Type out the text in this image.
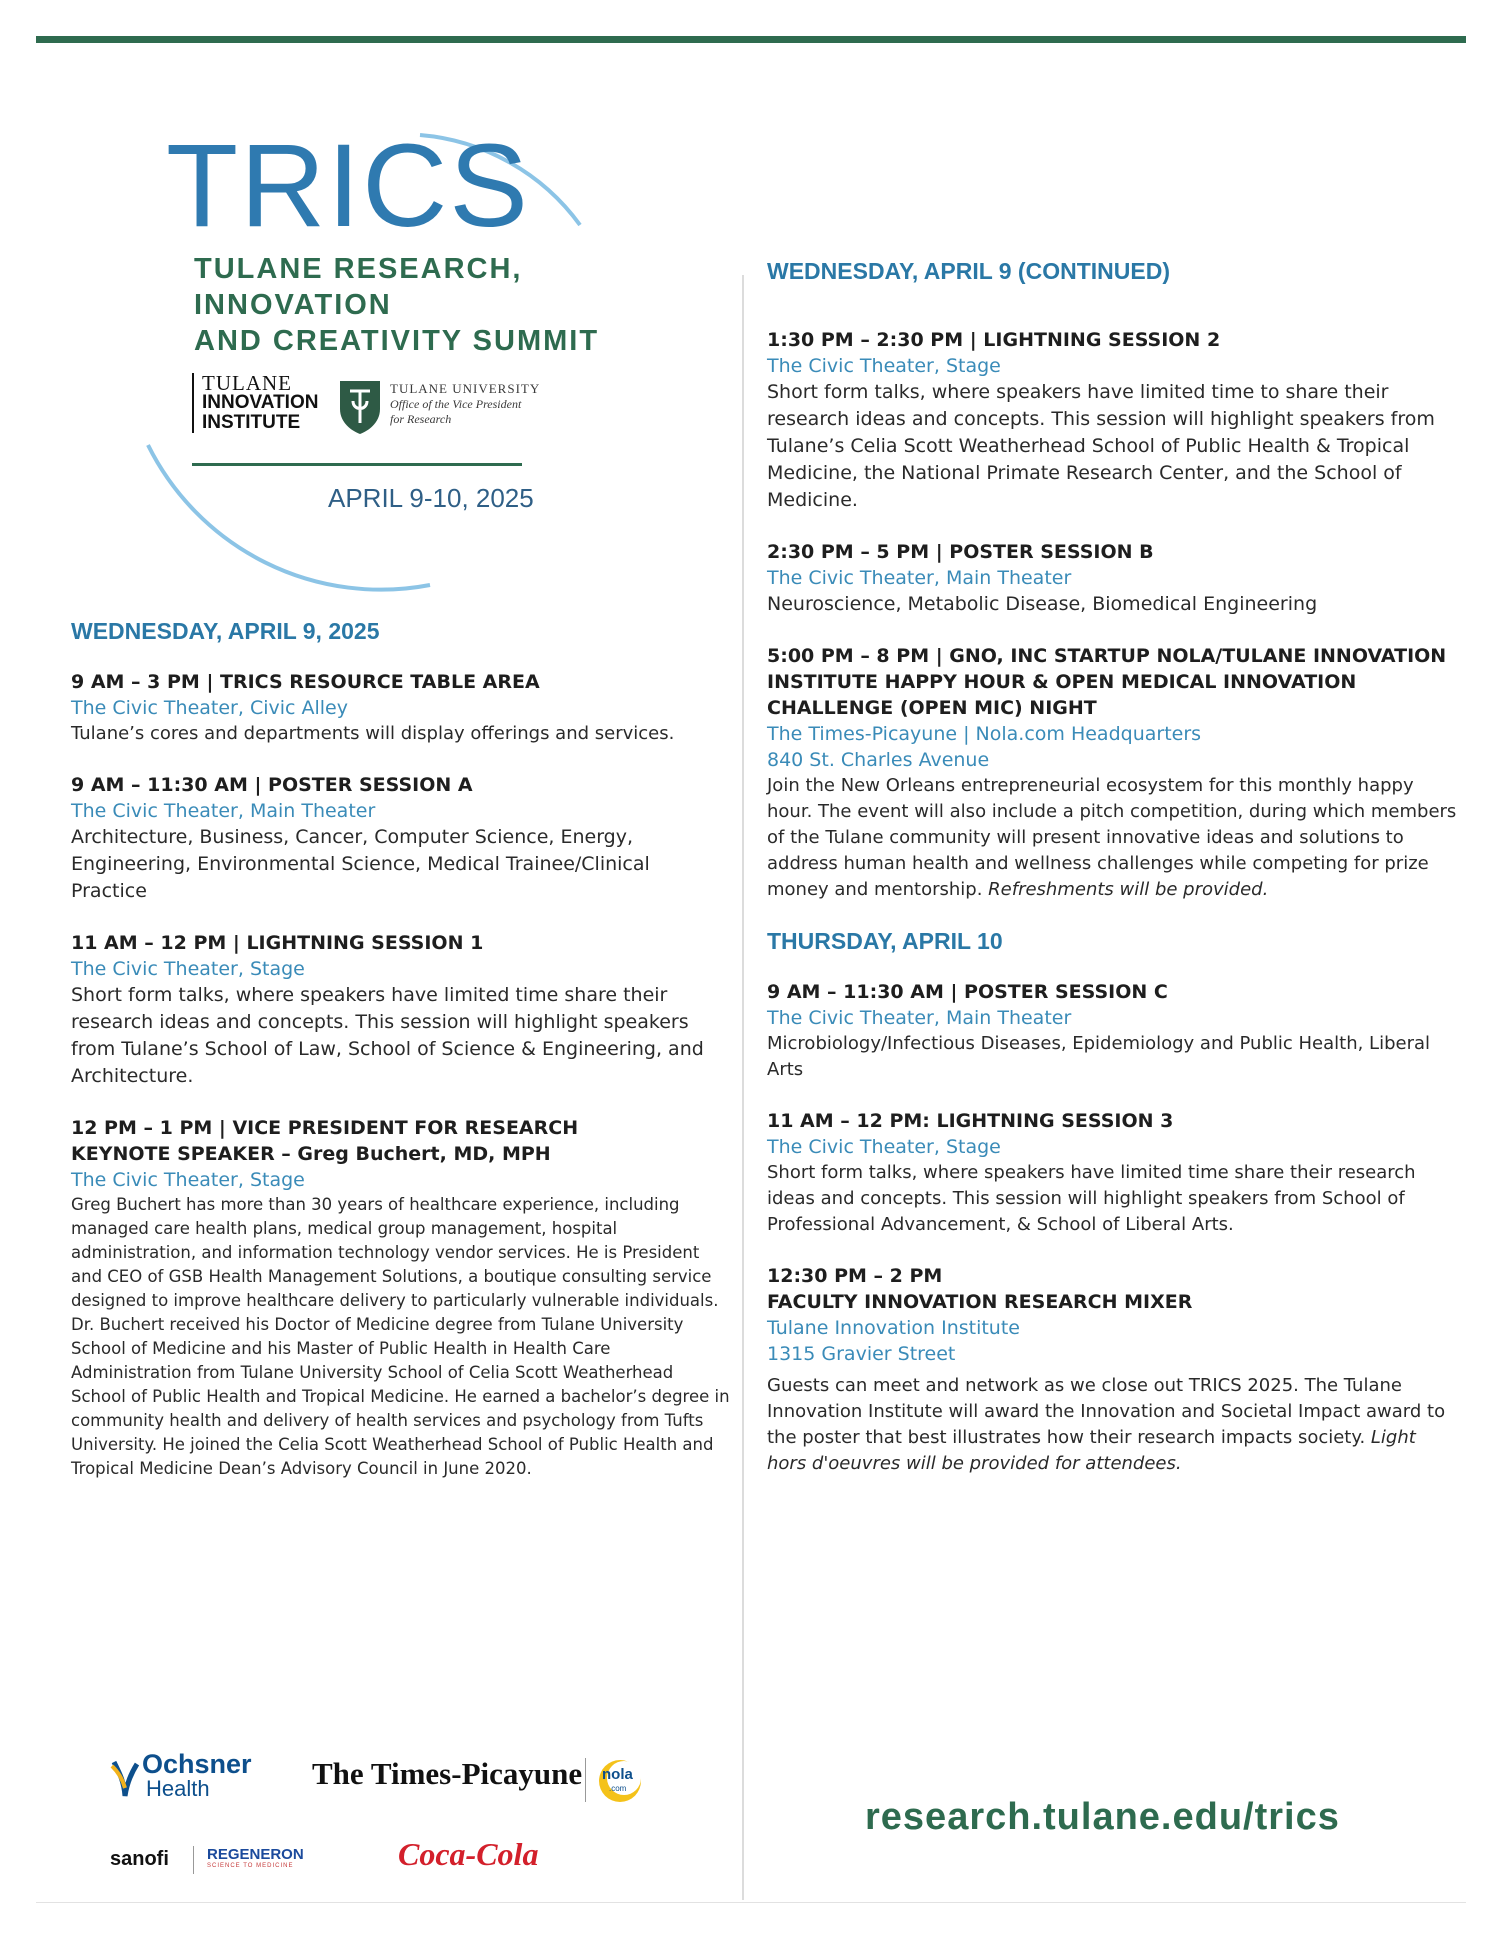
TRICS
TULANE RESEARCH,
INNOVATION
AND CREATIVITY SUMMIT
TULANE
INNOVATION
INSTITUTE
TULANE UNIVERSITY
Office of the Vice President
for Research
APRIL 9-10, 2025
WEDNESDAY, APRIL 9, 2025
9 AM – 3 PM | TRICS RESOURCE TABLE AREA
The Civic Theater, Civic Alley
Tulane’s cores and departments will display offerings and services.
9 AM – 11:30 AM | POSTER SESSION A
The Civic Theater, Main Theater
Architecture, Business, Cancer, Computer Science, Energy, Engineering, Environmental Science, Medical Trainee/Clinical Practice
11 AM – 12 PM | LIGHTNING SESSION 1
The Civic Theater, Stage
Short form talks, where speakers have limited time share their research ideas and concepts. This session will highlight speakers from Tulane’s School of Law, School of Science & Engineering, and Architecture.
12 PM – 1 PM | VICE PRESIDENT FOR RESEARCH
KEYNOTE SPEAKER – Greg Buchert, MD, MPH
The Civic Theater, Stage
Greg Buchert has more than 30 years of healthcare experience, including managed care health plans, medical group management, hospital administration, and information technology vendor services. He is President and CEO of GSB Health Management Solutions, a boutique consulting service designed to improve healthcare delivery to particularly vulnerable individuals. Dr. Buchert received his Doctor of Medicine degree from Tulane University School of Medicine and his Master of Public Health in Health Care Administration from Tulane University School of Celia Scott Weatherhead School of Public Health and Tropical Medicine. He earned a bachelor’s degree in community health and delivery of health services and psychology from Tufts University. He joined the Celia Scott Weatherhead School of Public Health and Tropical Medicine Dean’s Advisory Council in June 2020.
WEDNESDAY, APRIL 9 (CONTINUED)
1:30 PM – 2:30 PM | LIGHTNING SESSION 2
The Civic Theater, Stage
Short form talks, where speakers have limited time to share their research ideas and concepts. This session will highlight speakers from Tulane’s Celia Scott Weatherhead School of Public Health & Tropical Medicine, the National Primate Research Center, and the School of Medicine.
2:30 PM – 5 PM | POSTER SESSION B
The Civic Theater, Main Theater
Neuroscience, Metabolic Disease, Biomedical Engineering
5:00 PM – 8 PM | GNO, INC STARTUP NOLA/TULANE INNOVATION INSTITUTE HAPPY HOUR & OPEN MEDICAL INNOVATION CHALLENGE (OPEN MIC) NIGHT
The Times-Picayune | Nola.com Headquarters
840 St. Charles Avenue
Join the New Orleans entrepreneurial ecosystem for this monthly happy hour. The event will also include a pitch competition, during which members of the Tulane community will present innovative ideas and solutions to address human health and wellness challenges while competing for prize money and mentorship. Refreshments will be provided.
THURSDAY, APRIL 10
9 AM – 11:30 AM | POSTER SESSION C
The Civic Theater, Main Theater
Microbiology/Infectious Diseases, Epidemiology and Public Health, Liberal Arts
11 AM – 12 PM: LIGHTNING SESSION 3
The Civic Theater, Stage
Short form talks, where speakers have limited time share their research ideas and concepts. This session will highlight speakers from School of Professional Advancement, & School of Liberal Arts.
12:30 PM – 2 PM
FACULTY INNOVATION RESEARCH MIXER
Tulane Innovation Institute
1315 Gravier Street
Guests can meet and network as we close out TRICS 2025. The Tulane Innovation Institute will award the Innovation and Societal Impact award to the poster that best illustrates how their research impacts society. Light hors d'oeuvres will be provided for attendees.
research.tulane.edu/trics
Ochsner
Health	The Times-Picayune nola
.com
sanofi	REGENERON
SCIENCE TO MEDICINE	Coca-Cola
